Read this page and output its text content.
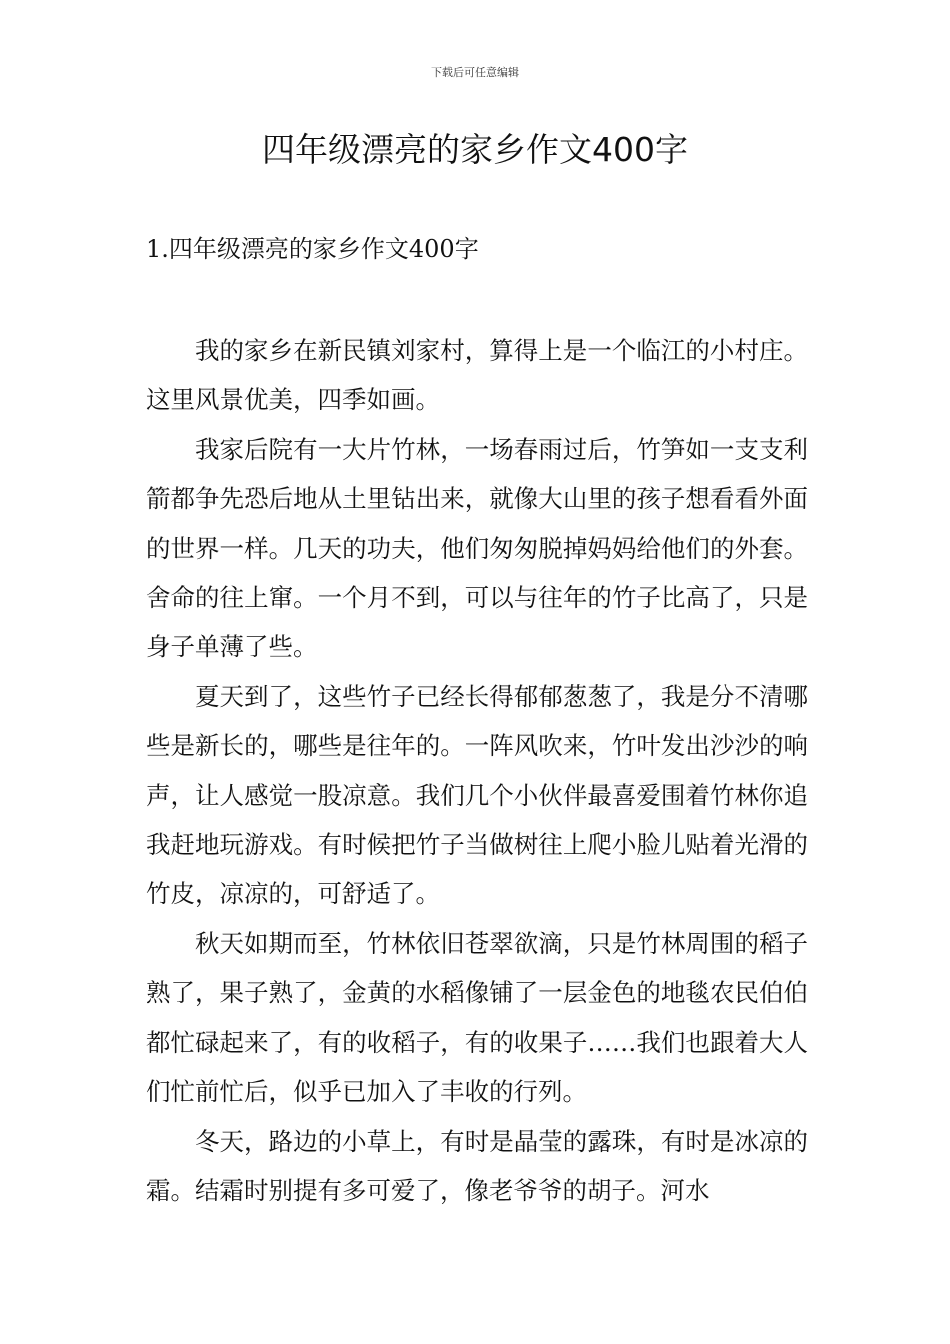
下载后可任意编辑
四年级漂亮的家乡作文400字
1.四年级漂亮的家乡作文400字

我的家乡在新民镇刘家村，算得上是一个临江的小村庄。这里风景优美，四季如画。

我家后院有一大片竹林，一场春雨过后，竹笋如一支支利箭都争先恐后地从土里钻出来，就像大山里的孩子想看看外面的世界一样。几天的功夫，他们匆匆脱掉妈妈给他们的外套。舍命的往上窜。一个月不到，可以与往年的竹子比高了，只是身子单薄了些。

夏天到了，这些竹子已经长得郁郁葱葱了，我是分不清哪些是新长的，哪些是往年的。一阵风吹来，竹叶发出沙沙的响声，让人感觉一股凉意。我们几个小伙伴最喜爱围着竹林你追我赶地玩游戏。有时候把竹子当做树往上爬小脸儿贴着光滑的竹皮，凉凉的，可舒适了。

秋天如期而至，竹林依旧苍翠欲滴，只是竹林周围的稻子熟了，果子熟了，金黄的水稻像铺了一层金色的地毯农民伯伯都忙碌起来了，有的收稻子，有的收果子……我们也跟着大人们忙前忙后，似乎已加入了丰收的行列。

冬天，路边的小草上，有时是晶莹的露珠，有时是冰凉的霜。结霜时别提有多可爱了，像老爷爷的胡子。河水
